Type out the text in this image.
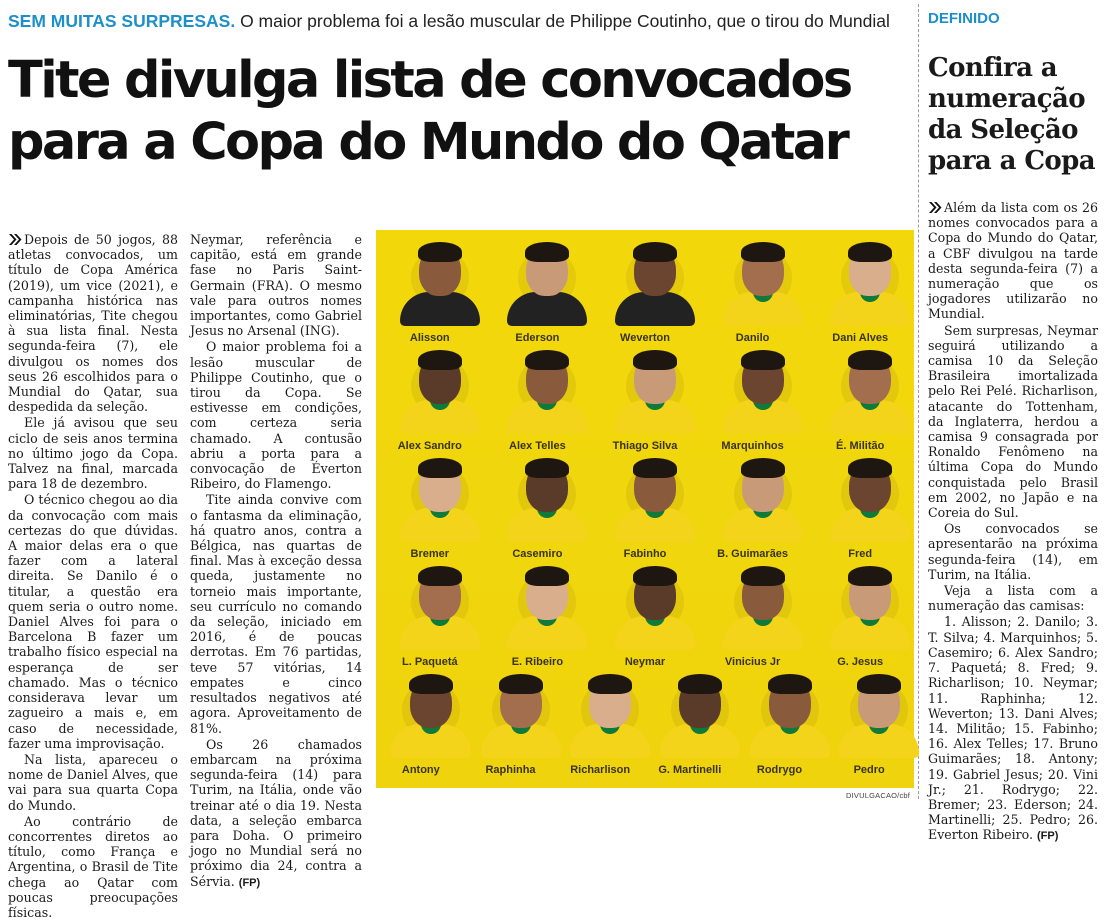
SEM MUITAS SURPRESAS. O maior problema foi a lesão muscular de Philippe Coutinho, que o tirou do Mundial
Tite divulga lista de convocados
para a Copa do Mundo do Qatar

Depois de 50 jogos, 88 atletas convocados, um título de Copa América (2019), um vice (2021), e campanha histórica nas eliminatórias, Tite chegou à sua lista final. Nesta segunda-feira (7), ele divulgou os nomes dos seus 26 escolhidos para o Mundial do Qatar, sua despedida da seleção.

Ele já avisou que seu ciclo de seis anos termina no último jogo da Copa. Talvez na final, marcada para 18 de dezembro.

O técnico chegou ao dia da convocação com mais certezas do que dúvidas. A maior delas era o que fazer com a lateral direita. Se Danilo é o titular, a questão era quem seria o outro nome. Daniel Alves foi para o Barcelona B fazer um trabalho físico especial na esperança de ser chamado. Mas o técnico considerava levar um zagueiro a mais e, em caso de necessidade, fazer uma improvisação.

Na lista, apareceu o nome de Daniel Alves, que vai para sua quarta Copa do Mundo.

Ao contrário de concorrentes diretos ao título, como França e Argentina, o Brasil de Tite chega ao Qatar com poucas preocupações físicas.

Neymar, referência e capitão, está em grande fase no Paris Saint-Germain (FRA). O mesmo vale para outros nomes importantes, como Gabriel Jesus no Arsenal (ING).

O maior problema foi a lesão muscular de Philippe Coutinho, que o tirou da Copa. Se estivesse em condições, com certeza seria chamado. A contusão abriu a porta para a convocação de Éverton Ribeiro, do Flamengo.

Tite ainda convive com o fantasma da eliminação, há quatro anos, contra a Bélgica, nas quartas de final. Mas à exceção dessa queda, justamente no torneio mais importante, seu currículo no comando da seleção, iniciado em 2016, é de poucas derrotas. Em 76 partidas, teve 57 vitórias, 14 empates e cinco resultados negativos até agora. Aproveitamento de 81%.

Os 26 chamados embarcam na próxima segunda-feira (14) para Turim, na Itália, onde vão treinar até o dia 19. Nesta data, a seleção embarca para Doha. O primeiro jogo no Mundial será no próximo dia 24, contra a Sérvia. (FP)

Alisson	Ederson	Weverton	Danilo	Dani Alves
Alex Sandro	Alex Telles	Thiago Silva	Marquinhos	É. Militão
Bremer	Casemiro	Fabinho	B. Guimarães	Fred
L. Paquetá	E. Ribeiro	Neymar	Vinicius Jr	G. Jesus
Antony	Raphinha	Richarlison	G. Martinelli	Rodrygo	Pedro
DIVULGACAO/cbf
DEFINIDO
Confira a
numeração
da Seleção
para a Copa

Além da lista com os 26 nomes convocados para a Copa do Mundo do Qatar, a CBF divulgou na tarde desta segunda-feira (7) a numeração que os jogadores utilizarão no Mundial.

Sem surpresas, Neymar seguirá utilizando a camisa 10 da Seleção Brasileira imortalizada pelo Rei Pelé. Richarlison, atacante do Tottenham, da Inglaterra, herdou a camisa 9 consagrada por Ronaldo Fenômeno na última Copa do Mundo conquistada pelo Brasil em 2002, no Japão e na Coreia do Sul.

Os convocados se apresentarão na próxima segunda-feira (14), em Turim, na Itália.

Veja a lista com a numeração das camisas:

1. Alisson; 2. Danilo; 3. T. Silva; 4. Marquinhos; 5. Casemiro; 6. Alex Sandro; 7. Paquetá; 8. Fred; 9. Richarlison; 10. Neymar; 11. Raphinha; 12. Weverton; 13. Dani Alves; 14. Militão; 15. Fabinho; 16. Alex Telles; 17. Bruno Guimarães; 18. Antony; 19. Gabriel Jesus; 20. Vini Jr.; 21. Rodrygo; 22. Bremer; 23. Ederson; 24. Martinelli; 25. Pedro; 26. Everton Ribeiro. (FP)
